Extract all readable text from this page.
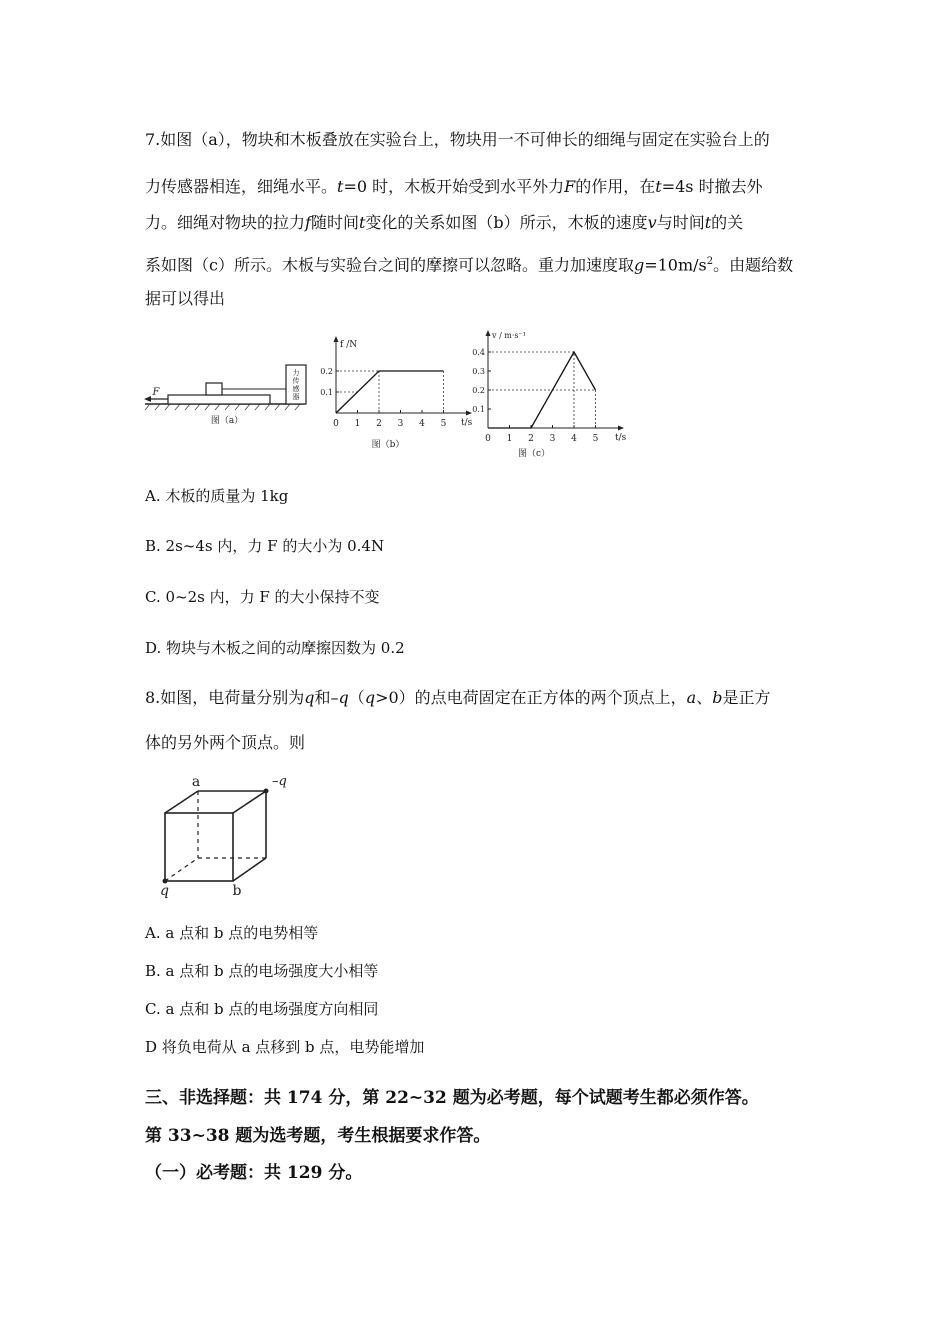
7.如图（a），物块和木板叠放在实验台上，物块用一不可伸长的细绳与固定在实验台上的
力传感器相连，细绳水平。t=0 时，木板开始受到水平外力F的作用，在t=4s 时撤去外
力。细绳对物块的拉力f随时间t变化的关系如图（b）所示，木板的速度v与时间t的关
系如图（c）所示。木板与实验台之间的摩擦可以忽略。重力加速度取$g=10m/s^2$。由题给数
据可以得出
力
传
感
器
F
图（a）
f /N
t/s
0 1 2 3 4 5
0.2
0.1
图（b）
v / m·s⁻¹
t/s
0 1 2 3 4 5
0.4
0.3
0.2
0.1
图（c）
A. 木板的质量为 1kg
B. 2s~4s 内，力 F 的大小为 0.4N
C. 0~2s 内，力 F 的大小保持不变
D. 物块与木板之间的动摩擦因数为 0.2
8.如图，电荷量分别为q和–q（q>0）的点电荷固定在正方体的两个顶点上，a、b是正方
体的另外两个顶点。则
a	–q
q	b
A. a 点和 b 点的电势相等
B. a 点和 b 点的电场强度大小相等
C. a 点和 b 点的电场强度方向相同
D 将负电荷从 a 点移到 b 点，电势能增加
三、非选择题：共 174 分，第 22~32 题为必考题，每个试题考生都必须作答。
第 33~38 题为选考题，考生根据要求作答。
（一）必考题：共 129 分。
